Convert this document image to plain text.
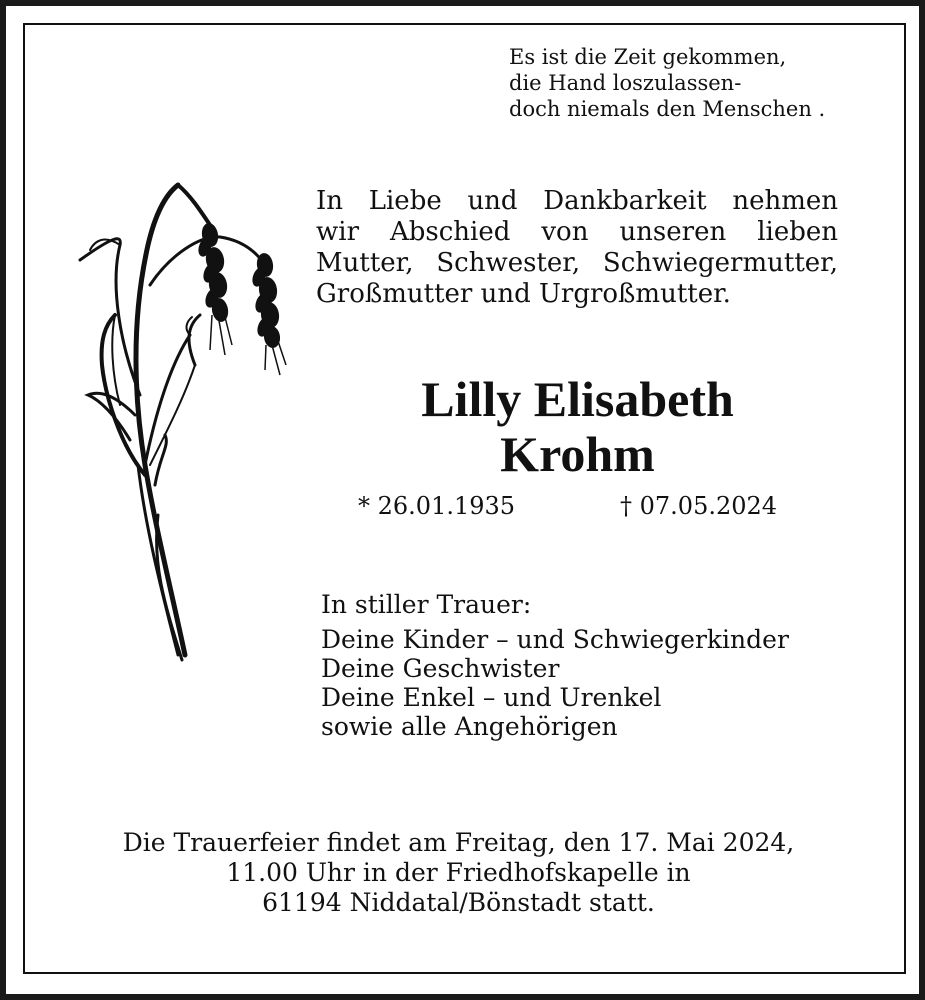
Es ist die Zeit gekommen,
die Hand loszulassen-
doch niemals den Menschen .
In Liebe und Dankbarkeit nehmen
wir Abschied von unseren lieben
Mutter, Schwester, Schwiegermutter,
Großmutter und Urgroßmutter.
Lilly Elisabeth
Krohm
* 26.01.1935	† 07.05.2024
In stiller Trauer:
Deine Kinder – und Schwiegerkinder
Deine Geschwister
Deine Enkel – und Urenkel
sowie alle Angehörigen
Die Trauerfeier findet am Freitag, den 17. Mai 2024,
11.00 Uhr in der Friedhofskapelle in
61194 Niddatal/Bönstadt statt.
